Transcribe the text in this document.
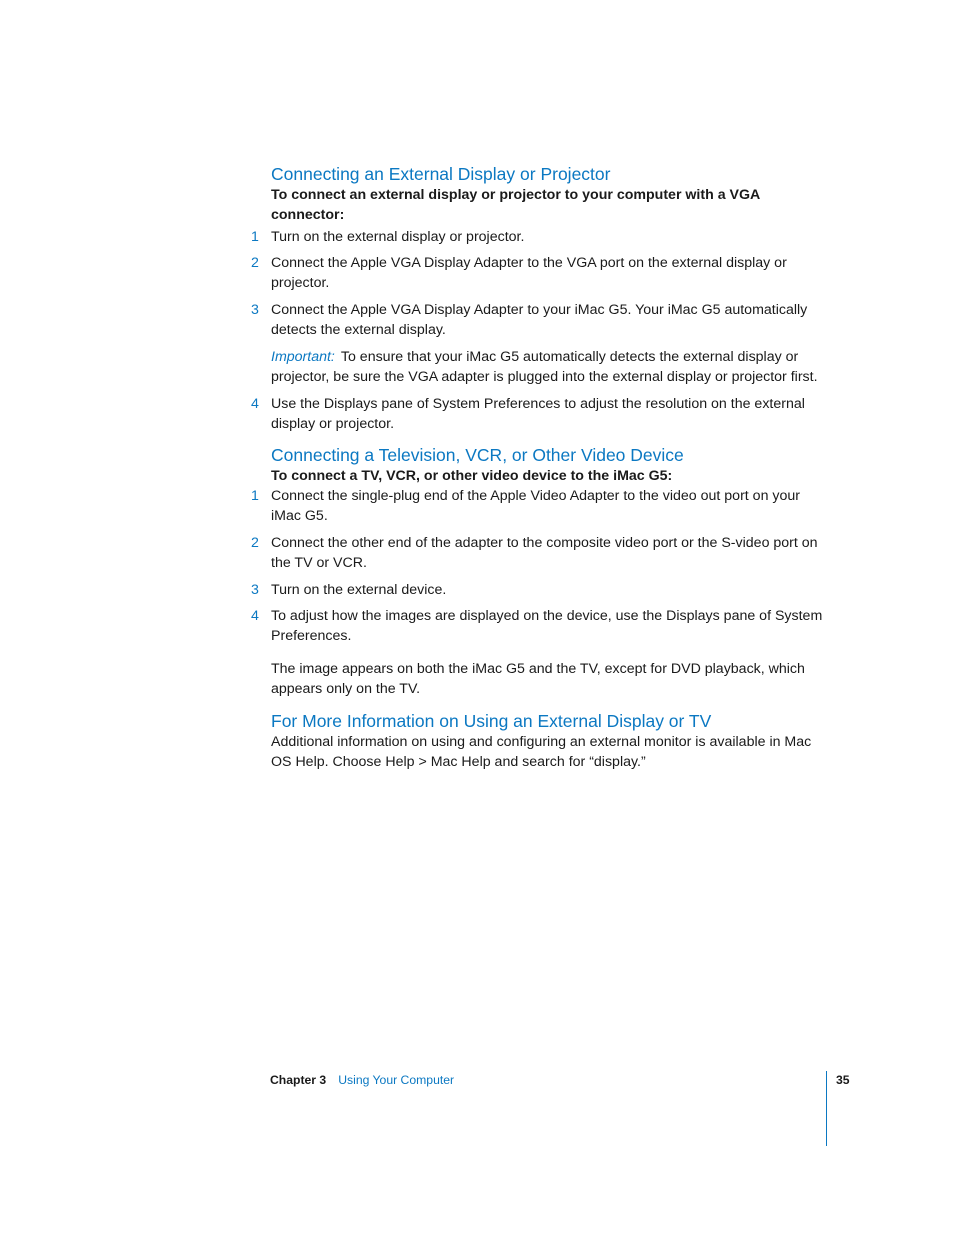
Connecting an External Display or Projector

To connect an external display or projector to your computer with a VGA connector:

1 Turn on the external display or projector.
2 Connect the Apple VGA Display Adapter to the VGA port on the external display or projector.
3 Connect the Apple VGA Display Adapter to your iMac G5. Your iMac G5 automatically detects the external display.
Important: To ensure that your iMac G5 automatically detects the external display or projector, be sure the VGA adapter is plugged into the external display or projector first.
4 Use the Displays pane of System Preferences to adjust the resolution on the external display or projector.
Connecting a Television, VCR, or Other Video Device

To connect a TV, VCR, or other video device to the iMac G5:

1 Connect the single-plug end of the Apple Video Adapter to the video out port on your iMac G5.
2 Connect the other end of the adapter to the composite video port or the S-video port on the TV or VCR.
3 Turn on the external device.
4 To adjust how the images are displayed on the device, use the Displays pane of System Preferences.

The image appears on both the iMac G5 and the TV, except for DVD playback, which appears only on the TV.

For More Information on Using an External Display or TV

Additional information on using and configuring an external monitor is available in Mac OS Help. Choose Help > Mac Help and search for “display.”

Chapter 3 Using Your Computer	35
